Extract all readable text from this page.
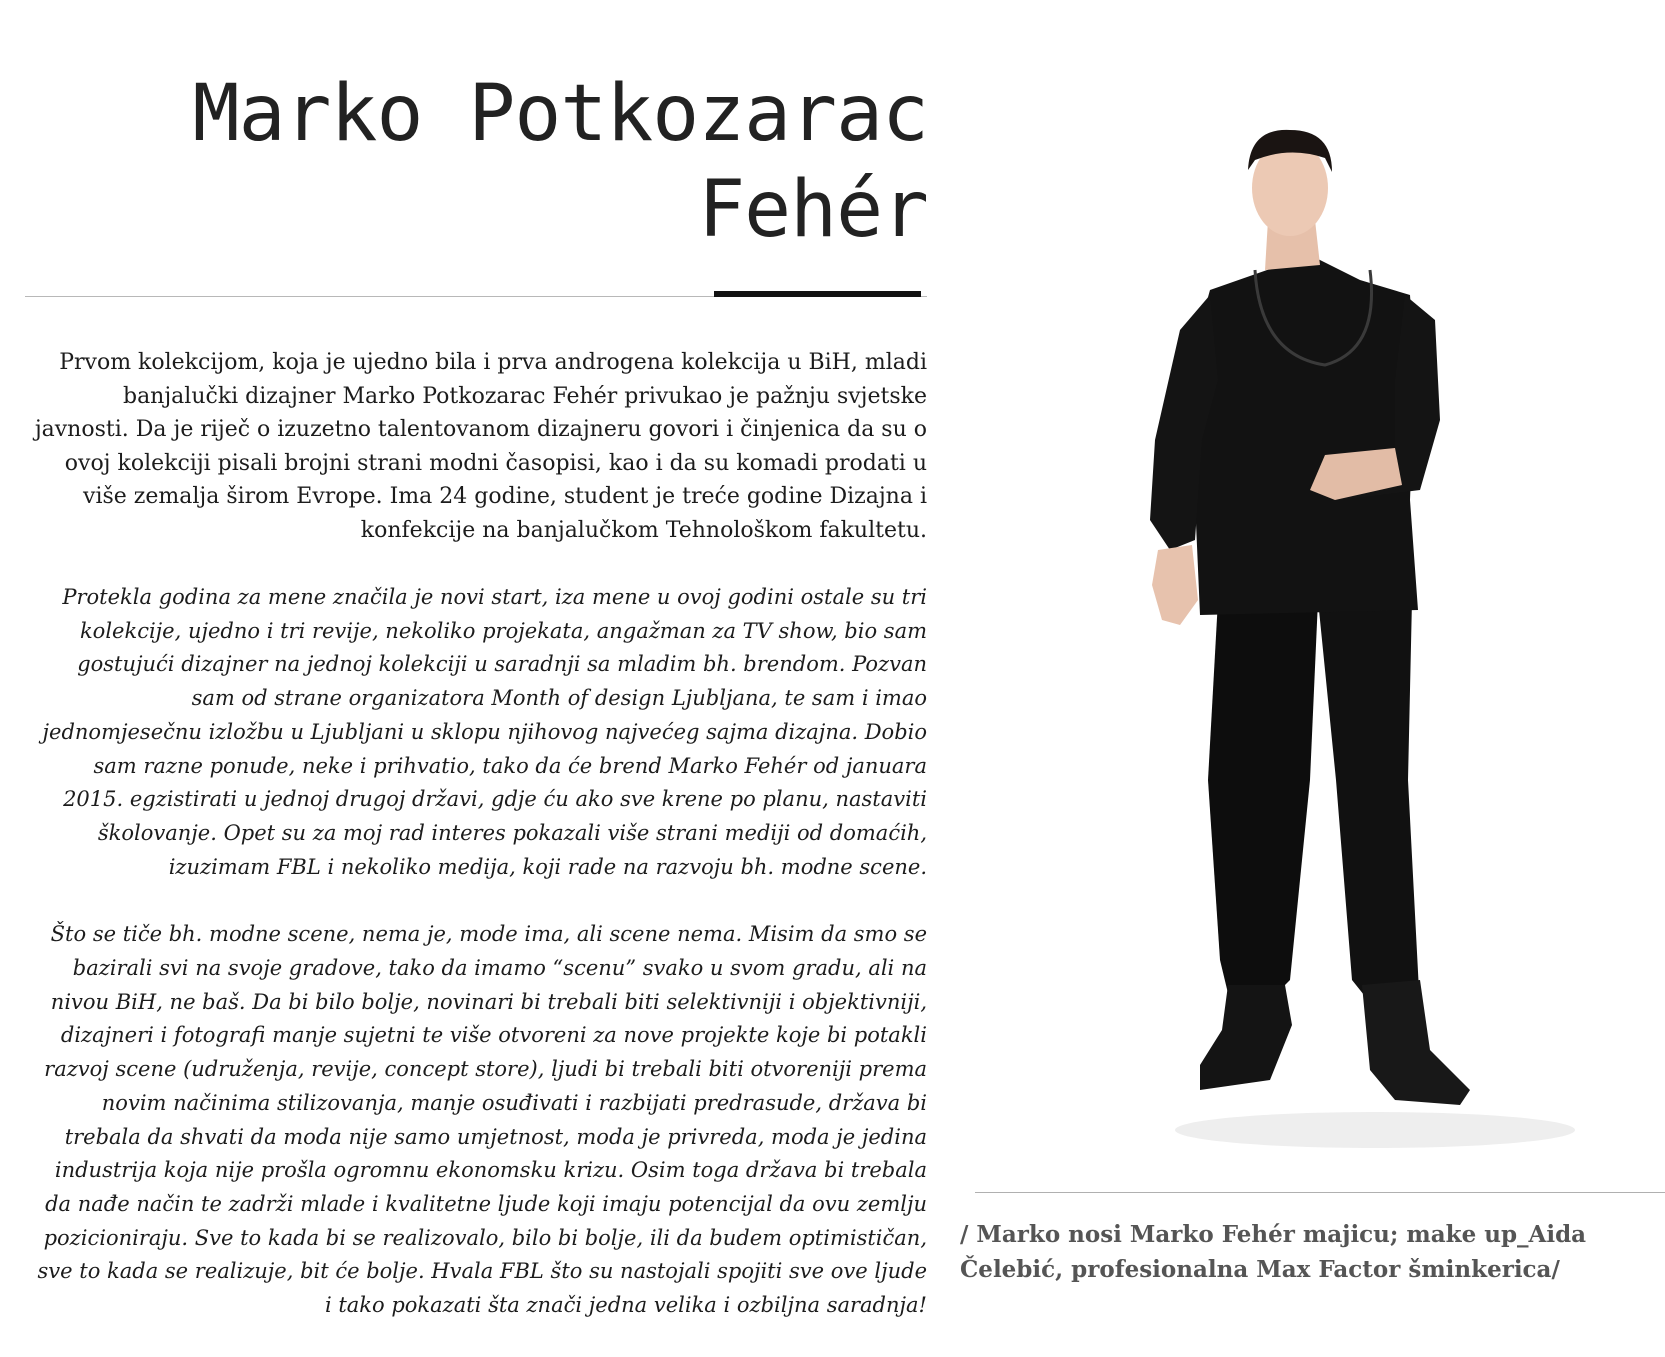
Marko Potkozarac
Fehér

Prvom kolekcijom, koja je ujedno bila i prva androgena kolekcija u BiH, mladi banjalučki dizajner Marko Potkozarac Fehér privukao je pažnju svjetske javnosti. Da je riječ o izuzetno talentovanom dizajneru govori i činjenica da su o ovoj kolekciji pisali brojni strani modni časopisi, kao i da su komadi prodati u više zemalja širom Evrope. Ima 24 godine, student je treće godine Dizajna i konfekcije na banjalučkom Tehnološkom fakultetu.

Protekla godina za mene značila je novi start, iza mene u ovoj godini ostale su tri kolekcije, ujedno i tri revije, nekoliko projekata, angažman za TV show, bio sam gostujući dizajner na jednoj kolekciji u saradnji sa mladim bh. brendom. Pozvan sam od strane organizatora Month of design Ljubljana, te sam i imao jednomjesečnu izložbu u Ljubljani u sklopu njihovog najvećeg sajma dizajna. Dobio sam razne ponude, neke i prihvatio, tako da će brend Marko Fehér od januara 2015. egzistirati u jednoj drugoj državi, gdje ću ako sve krene po planu, nastaviti školovanje. Opet su za moj rad interes pokazali više strani mediji od domaćih, izuzimam FBL i nekoliko medija, koji rade na razvoju bh. modne scene.

Što se tiče bh. modne scene, nema je, mode ima, ali scene nema. Misim da smo se bazirali svi na svoje gradove, tako da imamo “scenu” svako u svom gradu, ali na nivou BiH, ne baš. Da bi bilo bolje, novinari bi trebali biti selektivniji i objektivniji, dizajneri i fotografi manje sujetni te više otvoreni za nove projekte koje bi potakli razvoj scene (udruženja, revije, concept store), ljudi bi trebali biti otvoreniji prema novim načinima stilizovanja, manje osuđivati i razbijati predrasude, država bi trebala da shvati da moda nije samo umjetnost, moda je privreda, moda je jedina industrija koja nije prošla ogromnu ekonomsku krizu. Osim toga država bi trebala da nađe način te zadrži mlade i kvalitetne ljude koji imaju potencijal da ovu zemlju pozicioniraju. Sve to kada bi se realizovalo, bilo bi bolje, ili da budem optimističan, sve to kada se realizuje, bit će bolje. Hvala FBL što su nastojali spojiti sve ove ljude i tako pokazati šta znači jedna velika i ozbiljna saradnja!

/ Marko nosi Marko Fehér majicu; make up_Aida Čelebić, profesionalna Max Factor šminkerica/
